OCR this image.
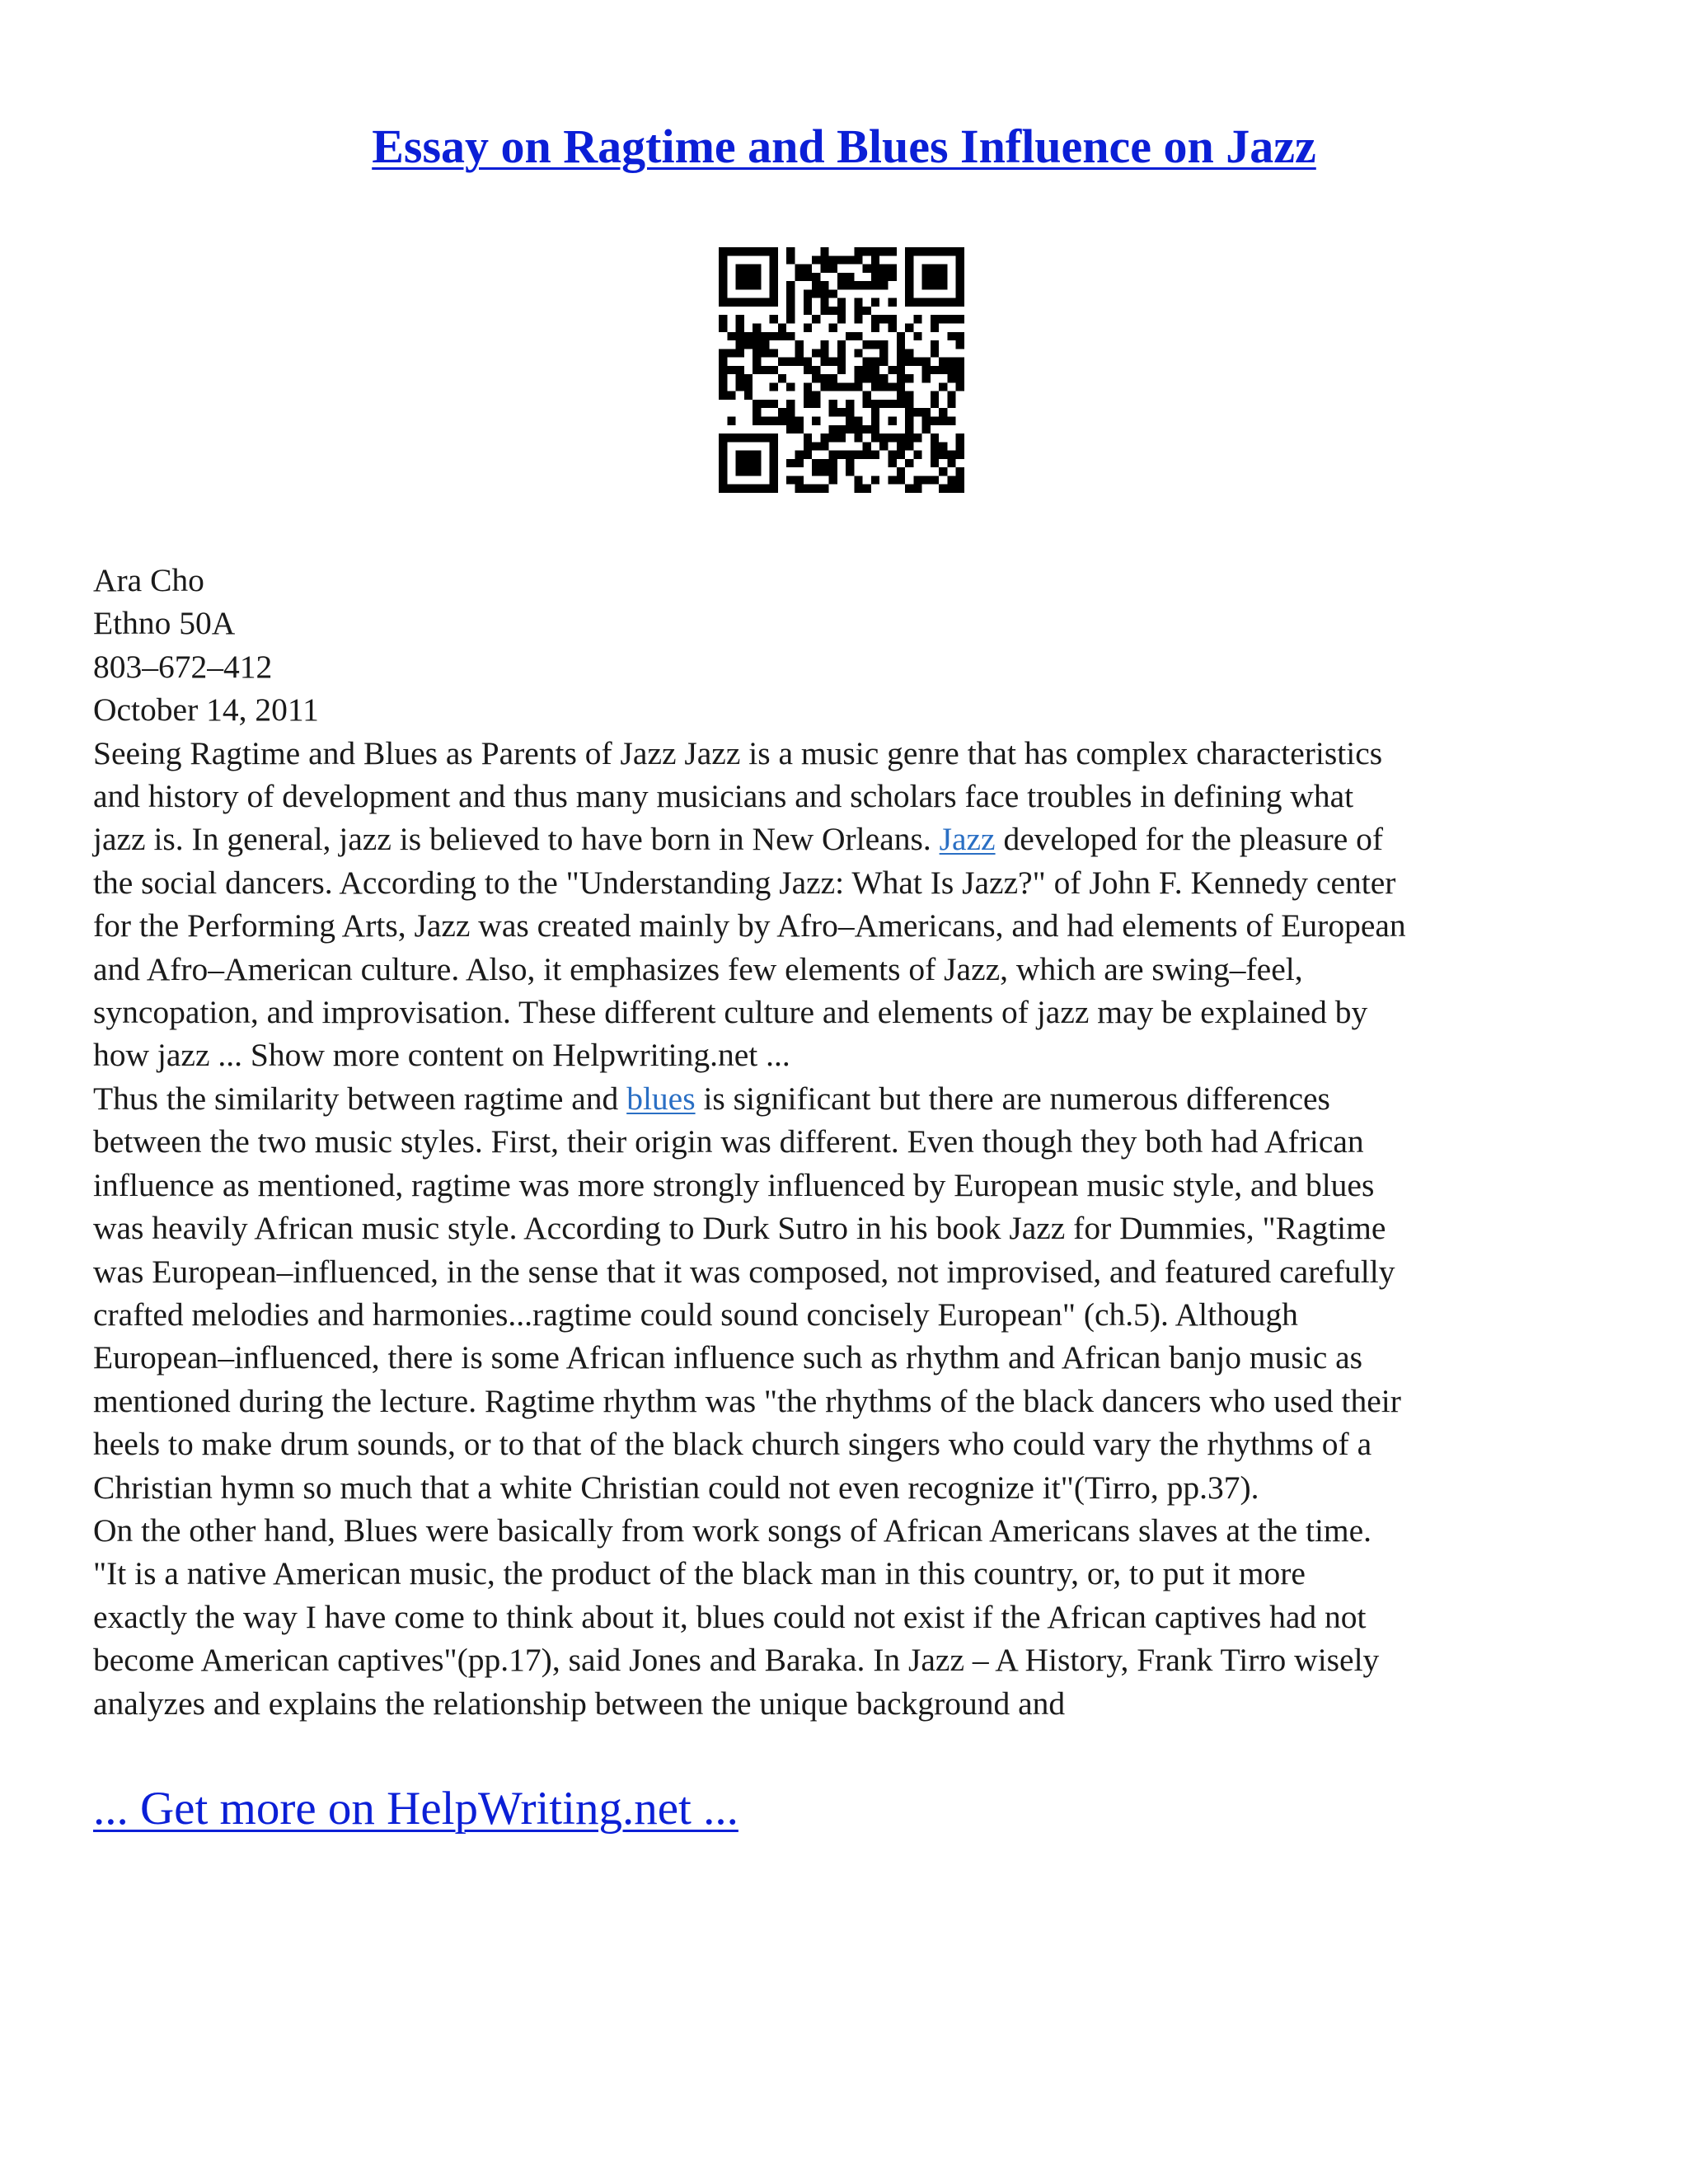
Essay on Ragtime and Blues Influence on Jazz
Ara Cho
Ethno 50A
803–672–412
October 14, 2011
Seeing Ragtime and Blues as Parents of Jazz Jazz is a music genre that has complex characteristics
and history of development and thus many musicians and scholars face troubles in defining what
jazz is. In general, jazz is believed to have born in New Orleans. Jazz developed for the pleasure of
the social dancers. According to the "Understanding Jazz: What Is Jazz?" of John F. Kennedy center
for the Performing Arts, Jazz was created mainly by Afro–Americans, and had elements of European
and Afro–American culture. Also, it emphasizes few elements of Jazz, which are swing–feel,
syncopation, and improvisation. These different culture and elements of jazz may be explained by
how jazz ... Show more content on Helpwriting.net ...
Thus the similarity between ragtime and blues is significant but there are numerous differences
between the two music styles. First, their origin was different. Even though they both had African
influence as mentioned, ragtime was more strongly influenced by European music style, and blues
was heavily African music style. According to Durk Sutro in his book Jazz for Dummies, "Ragtime
was European–influenced, in the sense that it was composed, not improvised, and featured carefully
crafted melodies and harmonies...ragtime could sound concisely European" (ch.5). Although
European–influenced, there is some African influence such as rhythm and African banjo music as
mentioned during the lecture. Ragtime rhythm was "the rhythms of the black dancers who used their
heels to make drum sounds, or to that of the black church singers who could vary the rhythms of a
Christian hymn so much that a white Christian could not even recognize it"(Tirro, pp.37).
On the other hand, Blues were basically from work songs of African Americans slaves at the time.
"It is a native American music, the product of the black man in this country, or, to put it more
exactly the way I have come to think about it, blues could not exist if the African captives had not
become American captives"(pp.17), said Jones and Baraka. In Jazz – A History, Frank Tirro wisely
analyzes and explains the relationship between the unique background and
... Get more on HelpWriting.net ...
